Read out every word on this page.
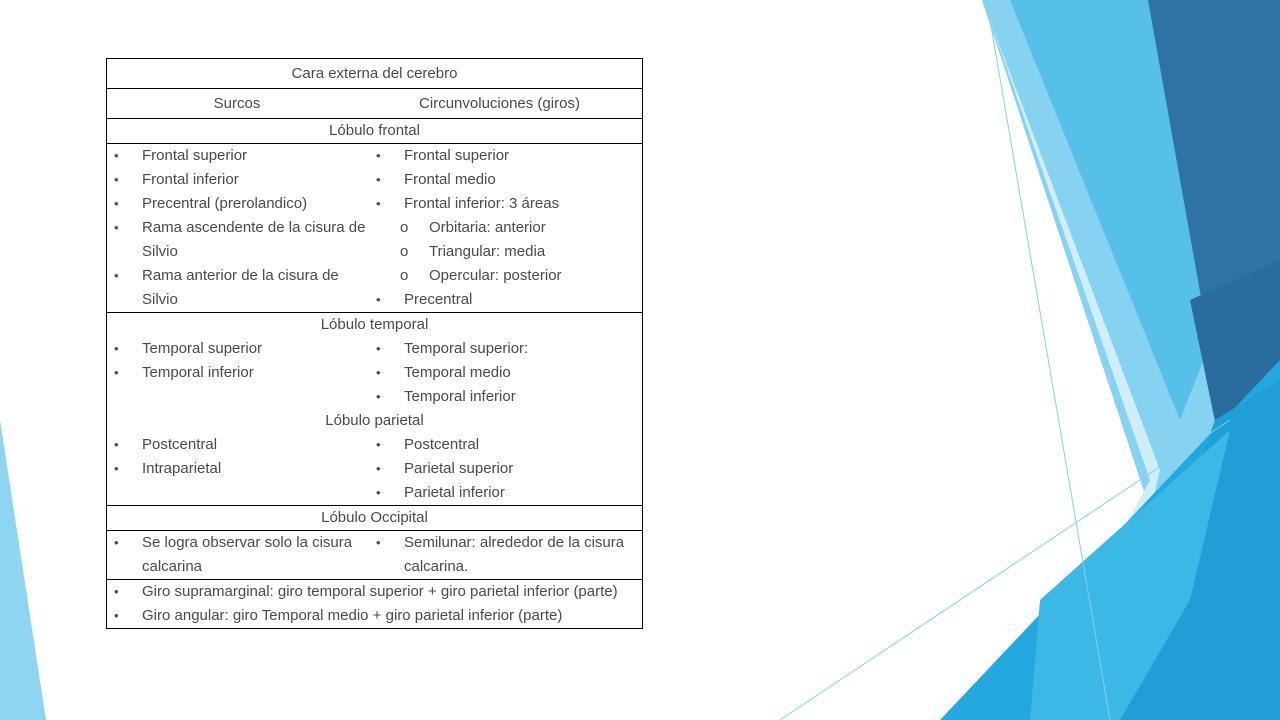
Cara externa del cerebro
Surcos	Circunvoluciones (giros)
Lóbulo frontal
• Frontal superior
• Frontal inferior
• Precentral (prerolandico)
• Rama ascendente de la cisura de Silvio
• Rama anterior de la cisura de Silvio
• Frontal superior
• Frontal medio
• Frontal inferior: 3 áreas
o Orbitaria: anterior
o Triangular: media
o Opercular: posterior
• Precentral
Lóbulo temporal
• Temporal superior
• Temporal inferior
• Temporal superior:
• Temporal medio
• Temporal inferior
Lóbulo parietal
• Postcentral
• Intraparietal
• Postcentral
• Parietal superior
• Parietal inferior
Lóbulo Occipital
• Se logra observar solo la cisura calcarina
• Semilunar: alrededor de la cisura calcarina.
• Giro supramarginal: giro temporal superior + giro parietal inferior (parte)
• Giro angular: giro Temporal medio + giro parietal inferior (parte)
